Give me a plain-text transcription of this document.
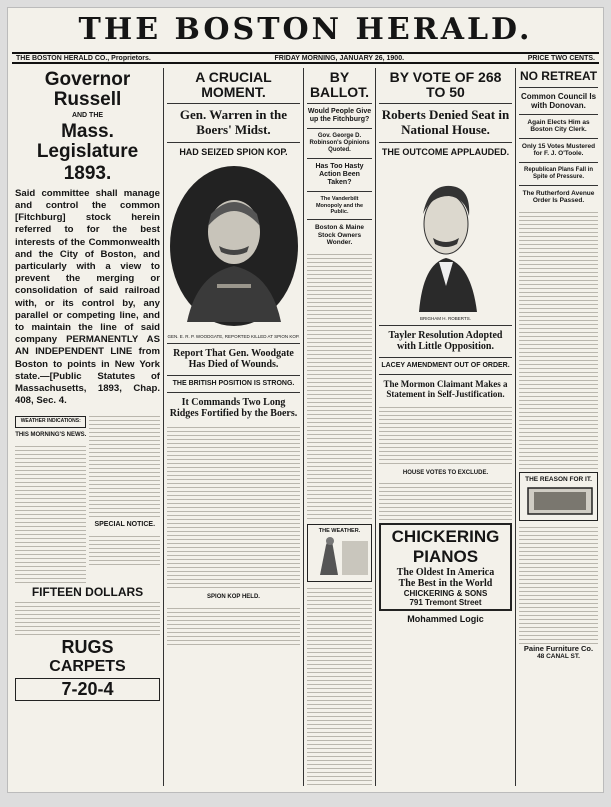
THE BOSTON HERALD.
THE BOSTON HERALD CO., Proprietors.	FRIDAY MORNING, JANUARY 26, 1900.	PRICE TWO CENTS.
Governor Russell
AND THE
Mass. Legislature
1893.
Said committee shall manage and control the common [Fitchburg] stock herein referred to for the best interests of the Commonwealth and the City of Boston, and particularly with a view to prevent the merging or consolidation of said railroad with, or its control by, any parallel or competing line, and to maintain the line of said company PERMANENTLY AS AN INDEPENDENT LINE from Boston to points in New York state.—[Public Statutes of Massachusetts, 1893, Chap. 408, Sec. 4.
WEATHER INDICATIONS:
THIS MORNING'S NEWS.
SPECIAL NOTICE.
FIFTEEN DOLLARS
RUGS
CARPETS
7-20-4
A CRUCIAL MOMENT.
Gen. Warren in the Boers' Midst.
HAD SEIZED SPION KOP.
GEN. E. R. P. WOODGATE, REPORTED KILLED AT SPION KOP.
Report That Gen. Woodgate Has Died of Wounds.
THE BRITISH POSITION IS STRONG.
It Commands Two Long Ridges Fortified by the Boers.
SPION KOP HELD.
BY BALLOT.
Would People Give up the Fitchburg?
Gov. George D. Robinson's Opinions Quoted.
Has Too Hasty Action Been Taken?
The Vanderbilt Monopoly and the Public.
Boston & Maine Stock Owners Wonder.
THE WEATHER.
BY VOTE OF 268 TO 50
Roberts Denied Seat in National House.
THE OUTCOME APPLAUDED.
BRIGHAM H. ROBERTS.
Tayler Resolution Adopted with Little Opposition.
LACEY AMENDMENT OUT OF ORDER.
The Mormon Claimant Makes a Statement in Self-Justification.
HOUSE VOTES TO EXCLUDE.
CHICKERING PIANOS
The Oldest In America
The Best in the World
CHICKERING & SONS
791 Tremont Street
Mohammed Logic
NO RETREAT
Common Council Is with Donovan.
Again Elects Him as Boston City Clerk.
Only 15 Votes Mustered for F. J. O'Toole.
Republican Plans Fall in Spite of Pressure.
The Rutherford Avenue Order Is Passed.
THE REASON FOR IT.
Paine Furniture Co.
48 CANAL ST.
